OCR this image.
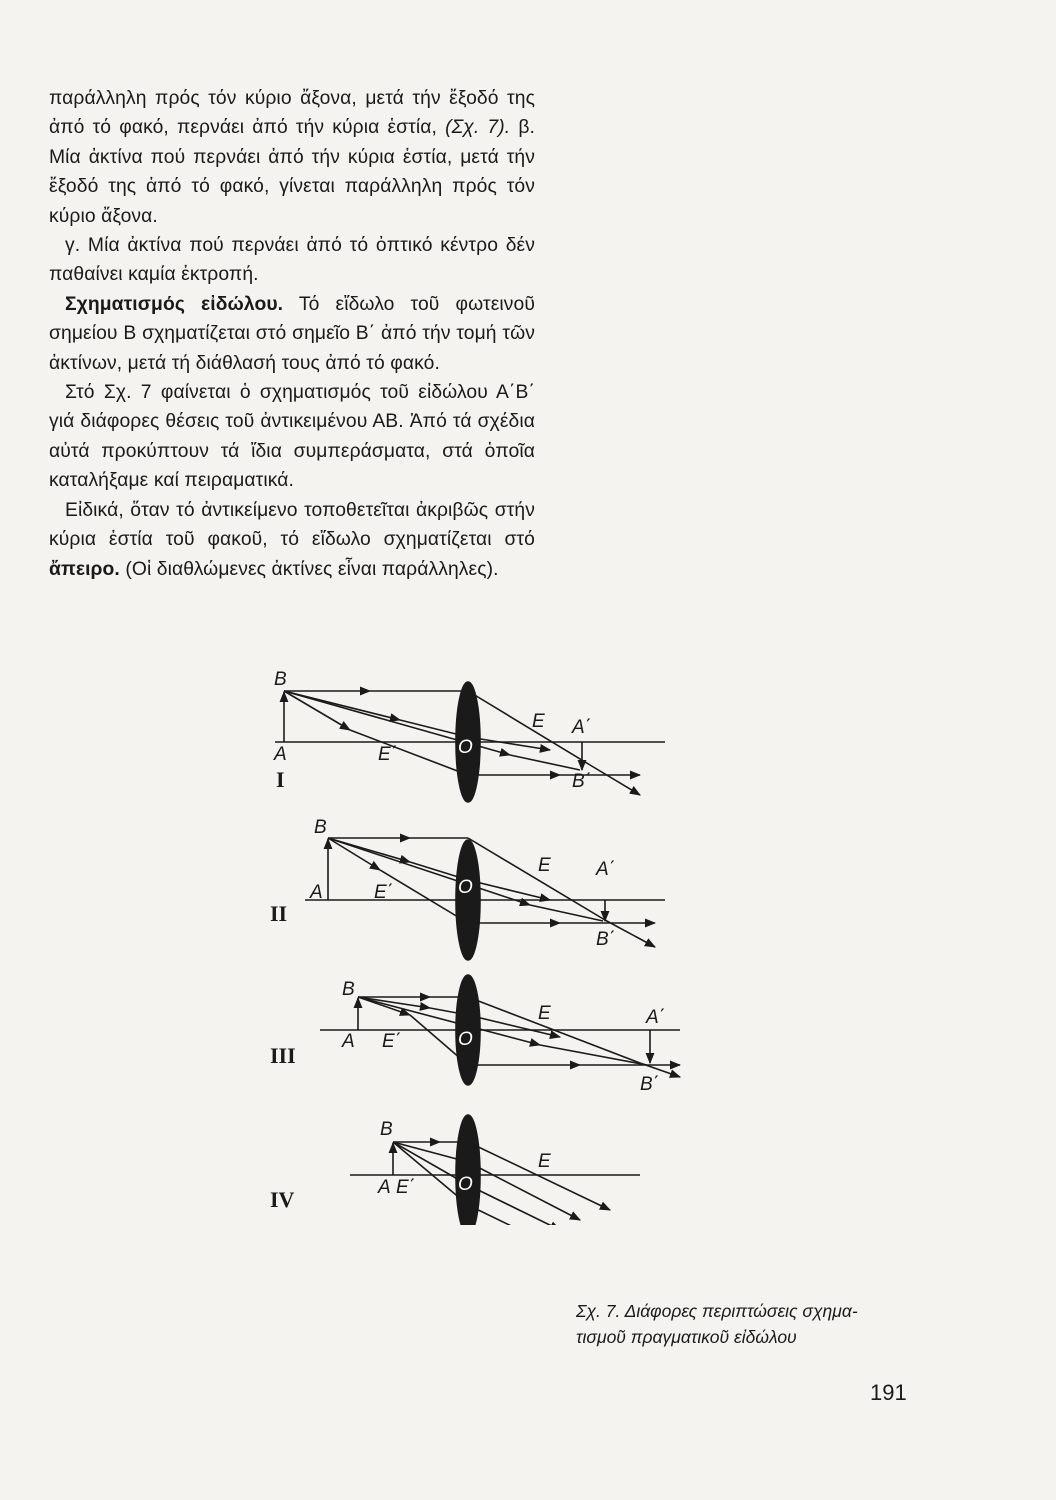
παράλληλη πρός τόν κύριο ἄξονα, μετά τήν ἔξοδό της ἀπό τό φακό, περνάει ἀπό τήν κύρια ἑστία, (Σχ. 7). β. Μία ἀκτίνα πού περνάει ἀπό τήν κύρια ἑστία, μετά τήν ἔξοδό της ἀπό τό φακό, γίνεται παράλληλη πρός τόν κύριο ἄξονα.

γ. Μία ἀκτίνα πού περνάει ἀπό τό ὀπτικό κέντρο δέν παθαίνει καμία ἐκτροπή.

Σχηματισμός εἰδώλου. Τό εἴδωλο τοῦ φωτεινοῦ σημείου Β σχηματίζεται στό σημεῖο Β΄ ἀπό τήν τομή τῶν ἀκτίνων, μετά τή διάθλασή τους ἀπό τό φακό.

Στό Σχ. 7 φαίνεται ὁ σχηματισμός τοῦ εἰδώλου Α΄Β΄ γιά διάφορες θέσεις τοῦ ἀντικειμένου ΑΒ. Ἀπό τά σχέδια αὐτά προκύπτουν τά ἴδια συμπεράσματα, στά ὁποῖα καταλήξαμε καί πειραματικά.

Εἰδικά, ὅταν τό ἀντικείμενο τοποθετεῖται ἀκριβῶς στήν κύρια ἑστία τοῦ φακοῦ, τό εἴδωλο σχηματίζεται στό ἄπειρο. (Οἱ διαθλώμενες ἀκτίνες εἶναι παράλληλες).

B
A	E΄	O
E A΄
B΄
I
B
A	E΄	O
E A΄
B΄
II
B
A E΄	O
E	A΄
B΄
III
B
A E΄ O
E
IV
Σχ. 7. Διάφορες περιπτώσεις σχημα-
τισμοῦ πραγματικοῦ εἰδώλου
191
